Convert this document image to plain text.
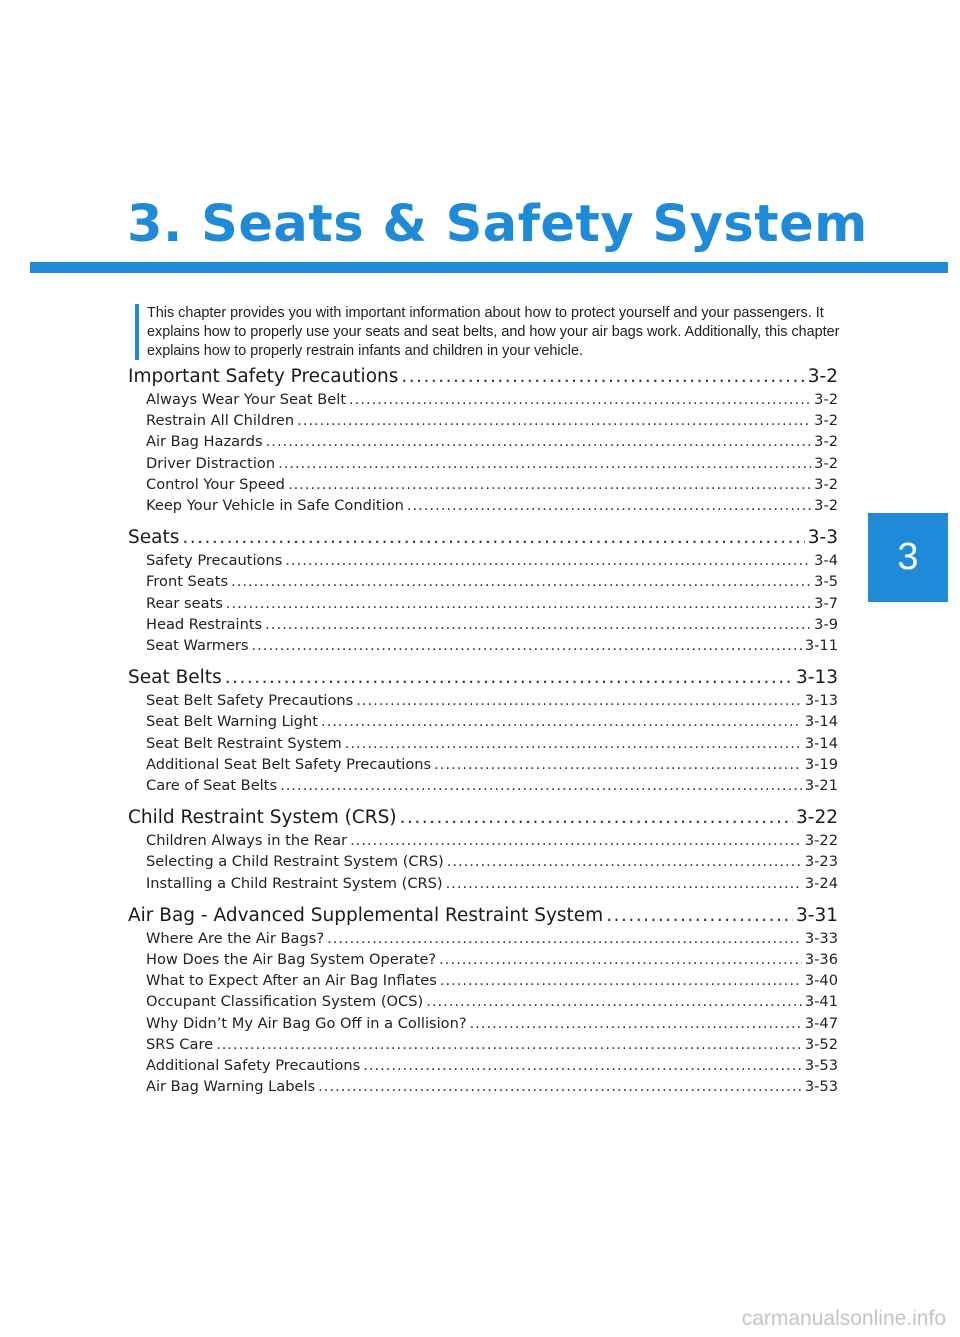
3. Seats & Safety System

This chapter provides you with important information about how to protect yourself and your passengers. It explains how to properly use your seats and seat belts, and how your air bags work. Additionally, this chapter explains how to properly restrain infants and children in your vehicle.

3
Important Safety Precautions .....	3-2
Always Wear Your Seat Belt .....	3-2
Restrain All Children .....	3-2
Air Bag Hazards .....	3-2
Driver Distraction .....	3-2
Control Your Speed .....	3-2
Keep Your Vehicle in Safe Condition .....	3-2
Seats .....	3-3
Safety Precautions .....	3-4
Front Seats .....	3-5
Rear seats .....	3-7
Head Restraints .....	3-9
Seat Warmers .....	3-11
Seat Belts .....	3-13
Seat Belt Safety Precautions .....	3-13
Seat Belt Warning Light .....	3-14
Seat Belt Restraint System .....	3-14
Additional Seat Belt Safety Precautions .....	3-19
Care of Seat Belts .....	3-21
Child Restraint System (CRS) .....	3-22
Children Always in the Rear .....	3-22
Selecting a Child Restraint System (CRS) .....	3-23
Installing a Child Restraint System (CRS) .....	3-24
Air Bag - Advanced Supplemental Restraint System .....	3-31
Where Are the Air Bags? .....	3-33
How Does the Air Bag System Operate? .....	3-36
What to Expect After an Air Bag Inflates .....	3-40
Occupant Classification System (OCS) .....	3-41
Why Didn’t My Air Bag Go Off in a Collision? .....	3-47
SRS Care .....	3-52
Additional Safety Precautions .....	3-53
Air Bag Warning Labels .....	3-53
carmanualsonline.info
